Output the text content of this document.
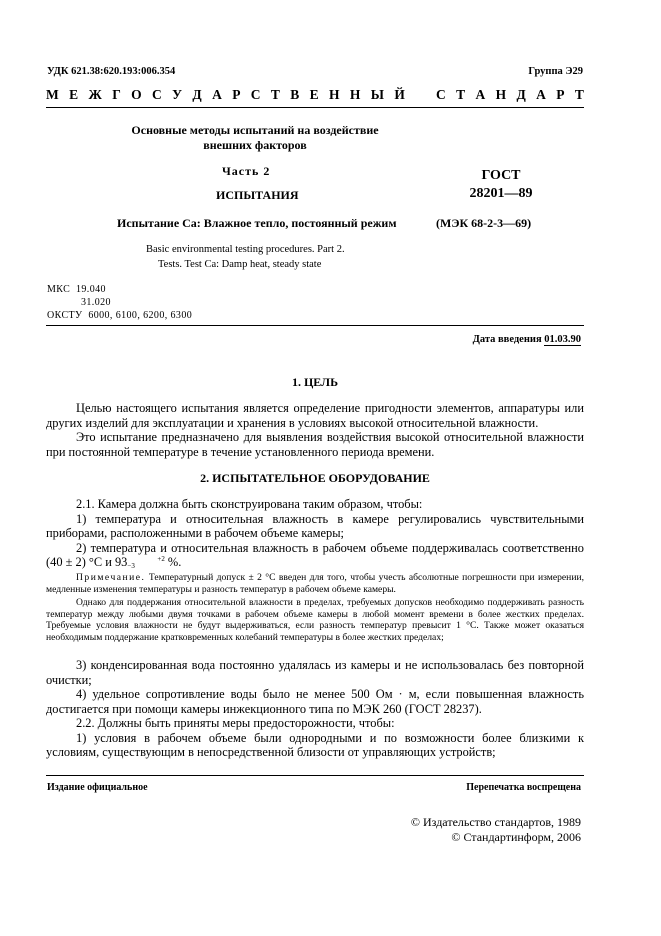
УДК 621.38:620.193:006.354	Группа Э29
М Е Ж Г О С У Д А Р С Т В Е Н Н Ы Й С Т А Н Д А Р Т
Основные методы испытаний на воздействие
внешних факторов
Часть 2
ИСПЫТАНИЯ
Испытание Са: Влажное тепло, постоянный режим
ГОСТ
28201—89
(МЭК 68-2-3—69)
Basic environmental testing procedures. Part 2.
Tests. Test Ca: Damp heat, steady state
МКС 19.040
31.020
ОКСТУ 6000, 6100, 6200, 6300
Дата введения 01.03.90
1. ЦЕЛЬ

Целью настоящего испытания является определение пригодности элементов, аппаратуры или других изделий для эксплуатации и хранения в условиях высокой относительной влажности.

Это испытание предназначено для выявления воздействия высокой относительной влажности при постоянной температуре в течение установленного периода времени.

2. ИСПЫТАТЕЛЬНОЕ ОБОРУДОВАНИЕ

2.1. Камера должна быть сконструирована таким образом, чтобы:

1) температура и относительная влажность в камере регулировались чувствительными приборами, расположенными в рабочем объеме камеры;

2) температура и относительная влажность в рабочем объеме поддерживалась соответственно (40 ± 2) °С и 93	+2
−3 %.

Примечание. Температурный допуск ± 2 °С введен для того, чтобы учесть абсолютные погрешности при измерении, медленные изменения температуры и разность температур в рабочем объеме камеры.

Однако для поддержания относительной влажности в пределах, требуемых допусков необходимо поддерживать разность температур между любыми двумя точками в рабочем объеме камеры в любой момент времени в более жестких пределах. Требуемые условия влажности не будут выдерживаться, если разность температур превысит 1 °С. Также может оказаться необходимым поддержание кратковременных колебаний температуры в более жестких пределах;

3) конденсированная вода постоянно удалялась из камеры и не использовалась без повторной очистки;

4) удельное сопротивление воды было не менее 500 Ом · м, если повышенная влажность достигается при помощи камеры инжекционного типа по МЭК 260 (ГОСТ 28237).

2.2. Должны быть приняты меры предосторожности, чтобы:

1) условия в рабочем объеме были однородными и по возможности более близкими к условиям, существующим в непосредственной близости от управляющих устройств;

Издание официальное	Перепечатка воспрещена
© Издательство стандартов, 1989
© Стандартинформ, 2006
